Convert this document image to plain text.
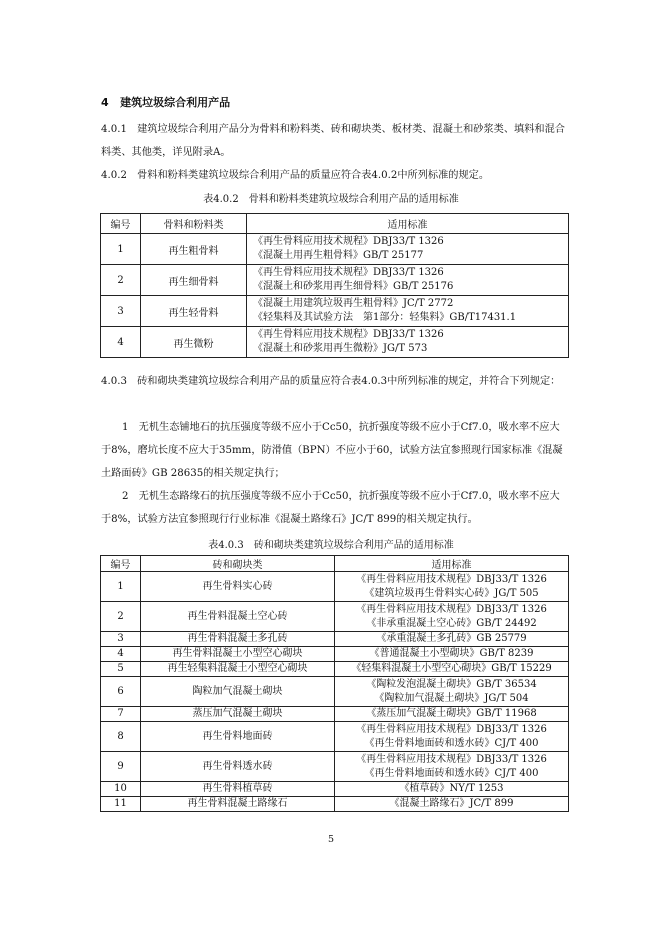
4 建筑垃圾综合利用产品

4.0.1　建筑垃圾综合利用产品分为骨料和粉料类、砖和砌块类、板材类、混凝土和砂浆类、填料和混合料类、其他类，详见附录A。

4.0.2　骨料和粉料类建筑垃圾综合利用产品的质量应符合表4.0.2中所列标准的规定。

表4.0.2　骨料和粉料类建筑垃圾综合利用产品的适用标准
编号	骨料和粉料类	适用标准
1	再生粗骨料	《再生骨料应用技术规程》DBJ33/T 1326
《混凝土用再生粗骨料》GB/T 25177

2	再生细骨料	《再生骨料应用技术规程》DBJ33/T 1326
《混凝土和砂浆用再生细骨料》GB/T 25176

3	再生轻骨料	《混凝土用建筑垃圾再生粗骨料》JC/T 2772
《轻集料及其试验方法　第1部分：轻集料》GB/T17431.1

4	再生微粉	《再生骨料应用技术规程》DBJ33/T 1326
《混凝土和砂浆用再生微粉》JG/T 573

4.0.3　砖和砌块类建筑垃圾综合利用产品的质量应符合表4.0.3中所列标准的规定，并符合下列规定：

1　无机生态铺地石的抗压强度等级不应小于Cc50，抗折强度等级不应小于Cf7.0，吸水率不应大于8%，磨坑长度不应大于35mm，防滑值（BPN）不应小于60，试验方法宜参照现行国家标准《混凝土路面砖》GB 28635的相关规定执行；

2　无机生态路缘石的抗压强度等级不应小于Cc50，抗折强度等级不应小于Cf7.0，吸水率不应大于8%，试验方法宜参照现行行业标准《混凝土路缘石》JC/T 899的相关规定执行。

表4.0.3　砖和砌块类建筑垃圾综合利用产品的适用标准
编号	砖和砌块类	适用标准
1	再生骨料实心砖	《再生骨料应用技术规程》DBJ33/T 1326
《建筑垃圾再生骨料实心砖》JG/T 505

2	再生骨料混凝土空心砖	《再生骨料应用技术规程》DBJ33/T 1326
《非承重混凝土空心砖》GB/T 24492

3	再生骨料混凝土多孔砖	《承重混凝土多孔砖》GB 25779

4	再生骨料混凝土小型空心砌块	《普通混凝土小型砌块》GB/T 8239

5	再生轻集料混凝土小型空心砌块	《轻集料混凝土小型空心砌块》GB/T 15229

6	陶粒加气混凝土砌块	《陶粒发泡混凝土砌块》GB/T 36534
《陶粒加气混凝土砌块》JG/T 504

7	蒸压加气混凝土砌块	《蒸压加气混凝土砌块》GB/T 11968

8	再生骨料地面砖	《再生骨料应用技术规程》DBJ33/T 1326
《再生骨料地面砖和透水砖》CJ/T 400

9	再生骨料透水砖	《再生骨料应用技术规程》DBJ33/T 1326
《再生骨料地面砖和透水砖》CJ/T 400

10	再生骨料植草砖	《植草砖》NY/T 1253

11	再生骨料混凝土路缘石	《混凝土路缘石》JC/T 899
5
